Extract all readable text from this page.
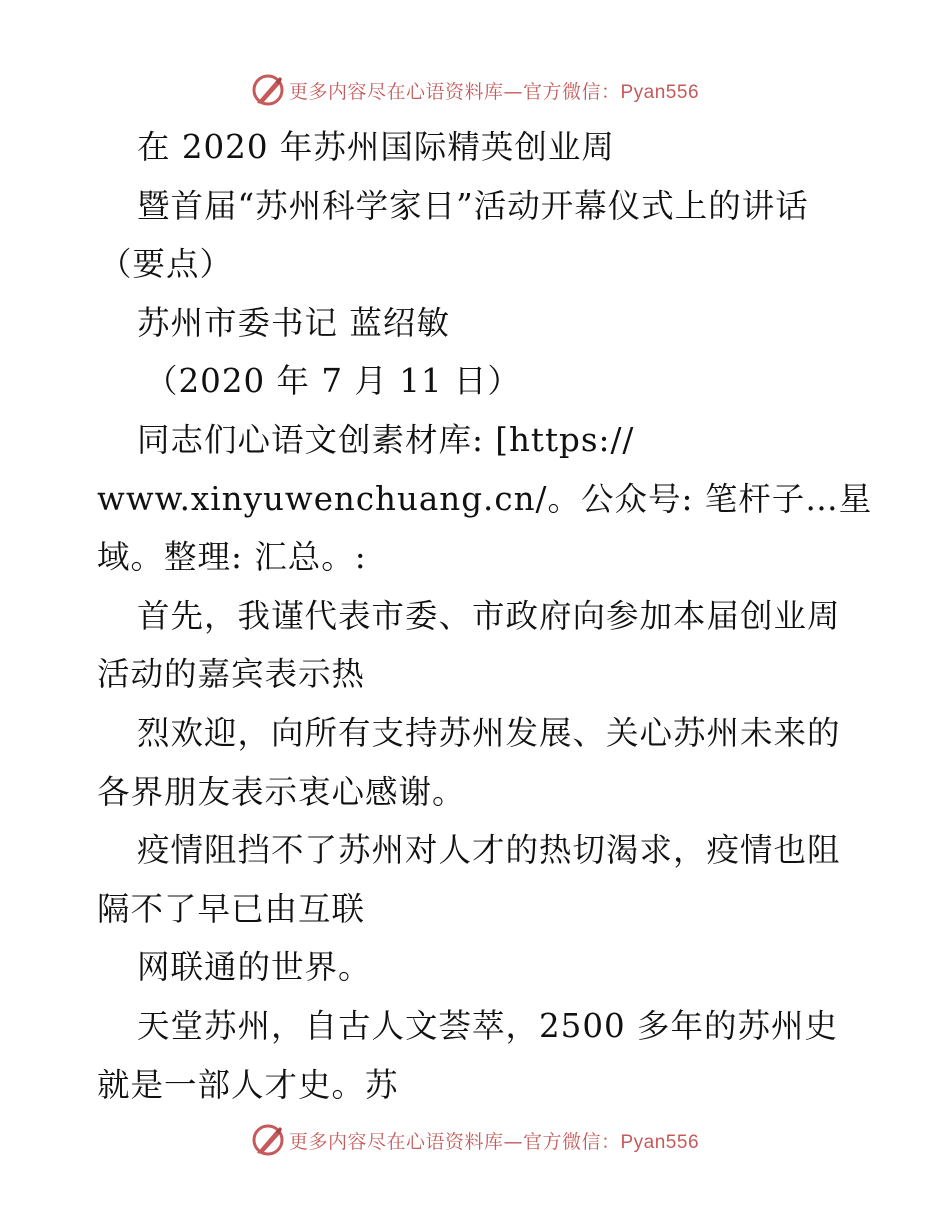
更多内容尽在心语资料库—官方微信：Pyan556
在 2020 年苏州国际精英创业周
暨首届“苏州科学家日”活动开幕仪式上的讲话
（要点）
苏州市委书记 蓝绍敏
（2020 年 7 月 11 日）
同志们心语文创素材库: [https://
www.xinyuwenchuang.cn/。公众号: 笔杆子…星
域。整理: 汇总。:
首先，我谨代表市委、市政府向参加本届创业周
活动的嘉宾表示热
烈欢迎，向所有支持苏州发展、关心苏州未来的
各界朋友表示衷心感谢。
疫情阻挡不了苏州对人才的热切渴求，疫情也阻
隔不了早已由互联
网联通的世界。
天堂苏州，自古人文荟萃，2500 多年的苏州史
就是一部人才史。苏
更多内容尽在心语资料库—官方微信：Pyan556
